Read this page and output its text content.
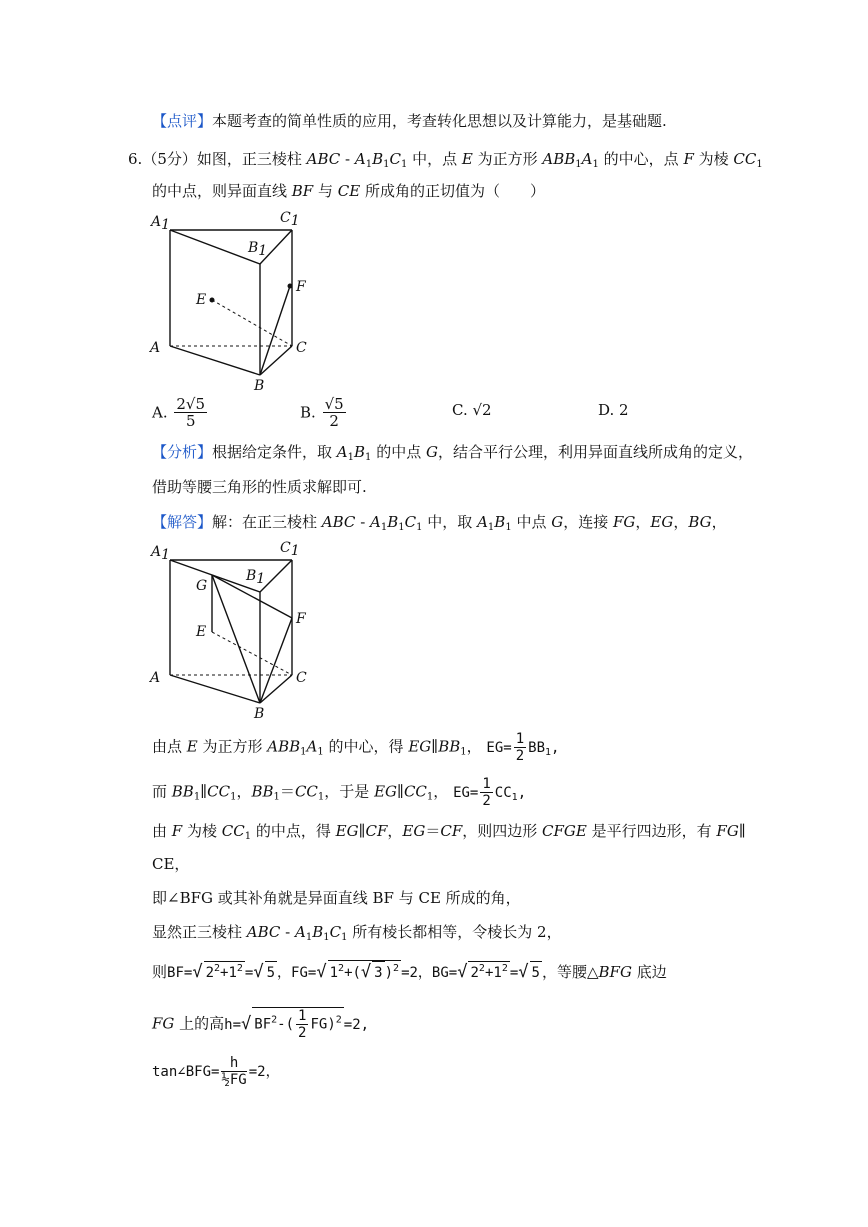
【点评】本题考查的简单性质的应用，考查转化思想以及计算能力，是基础题.
6.（5分）如图，正三棱柱 ABC - $A_1B_1C_1$ 中，点 E 为正方形 $ABB_1A_1$ 的中心，点 F 为棱 $CC_1$
的中点，则异面直线 BF 与 CE 所成角的正切值为（　　）
A1	C1
B1
E
F
A	C
B
A. $\frac{2√5}{5}$	B. $\frac{√5}{2}$	C. √2	D. 2
【分析】根据给定条件，取 $A_1B_1$ 的中点 G，结合平行公理，利用异面直线所成角的定义，
借助等腰三角形的性质求解即可.
【解答】解：在正三棱柱 ABC - $A_1B_1C_1$ 中，取 $A_1B_1$ 中点 G，连接 FG，EG，BG，
A1	C1
B1
G
E
F
A	C
B
由点 E 为正方形 $ABB_1A_1$ 的中心，得 $EG\parallel BB_1$， $EG= \frac{1}{2} BB_1$,
而 $BB_1\parallel CC_1$，$BB_1=CC_1$，于是 $EG\parallel CC_1$， $EG= \frac{1}{2} CC_1$,
由 F 为棱 $CC_1$ 的中点，得 EG∥CF，EG＝CF，则四边形 CFGE 是平行四边形，有 FG∥
CE，
即∠BFG 或其补角就是异面直线 BF 与 CE 所成的角，
显然正三棱柱 ABC - $A_1B_1C_1$ 所有棱长都相等，令棱长为 2，
则BF=√ $2^2+1^2$ =√ 5 ，FG=√ $1^2+(√$ 3 )$^2$ =2，BG=√ $2^2+1^2$ =√ 5 ，等腰△BFG 底边
FG 上的高h=√ $BF^2-( \frac{1}{2} FG)^2 =2$,
tan∠BFG= $\frac{h}{\text{½FG}} =2$，
